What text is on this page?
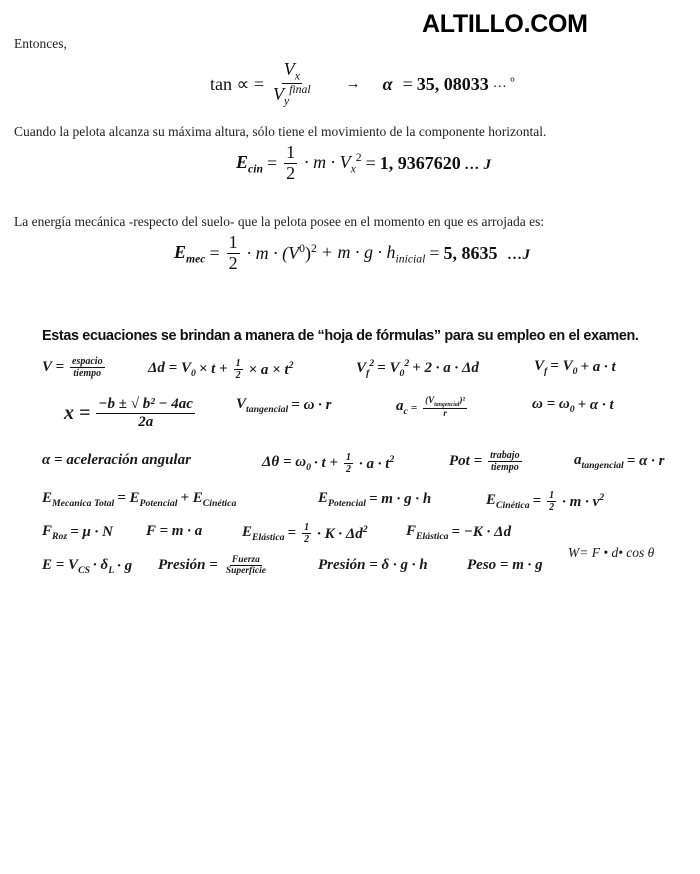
ALTILLO.COM
Entonces,
tan ∝ = $\frac{V_x}{V_y^{final}}$ →	α = 35, 08033 … º
Cuando la pelota alcanza su máxima altura, sólo tiene el movimiento de la componente horizontal.
$E_{cin} = \frac{1}{2} \cdot m \cdot V_x^2 = 1$, 9367620 … J
La energía mecánica -respecto del suelo- que la pelota posee en el momento en que es arrojada es:
$E_{mec} = \frac{1}{2} \cdot m \cdot (V^0)^2 + m \cdot g \cdot h_{inicial} = 5$, 8635 …J
Estas ecuaciones se brindan a manera de “hoja de fórmulas” para su empleo en el examen.
$V = \frac{\text{espacio}}{\text{tiempo}}$	$\Delta d = V_0 \times t + \frac{1}{2} \times a \times t^2$	$V_f^2 = V_0^2 + 2 \cdot a \cdot \Delta d$	$V_f = V_0 + a \cdot t$
$x = \frac{\text{−b ± √ b² − 4ac}}{2a}$	$V_{tangencial} = \omega \cdot r$	$a_c = \frac{(V_{tangencial})^2}{r}$	$\omega = \omega_0 + \alpha \cdot t$
α = aceleración angular	$\Delta\theta = \omega_0 \cdot t + \frac{1}{2} \cdot a \cdot t^2$	Pot = $\frac{\text{trabajo}}{\text{tiempo}}$	$a_{tangencial} = \alpha \cdot r$
$E_{Mecanica Total} = E_{Potencial} + E_{Cinética}$	$E_{Potencial} = m \cdot g \cdot h$	$E_{Cinética} = \frac{1}{2} \cdot m \cdot v^2$
$F_{Roz} = \mu \cdot N$ F = m · a	$E_{Elástica} = \frac{1}{2} \cdot K \cdot \Delta d^2$	$F_{Elástica} = -K \cdot \Delta d$
$E = V_{CS} \cdot \delta_L \cdot g$ Presión = $\frac{\text{Fuerza}}{\text{Superficie}}$	Presión = δ · g · h	Peso = m · g
W= F • d• cos θ
